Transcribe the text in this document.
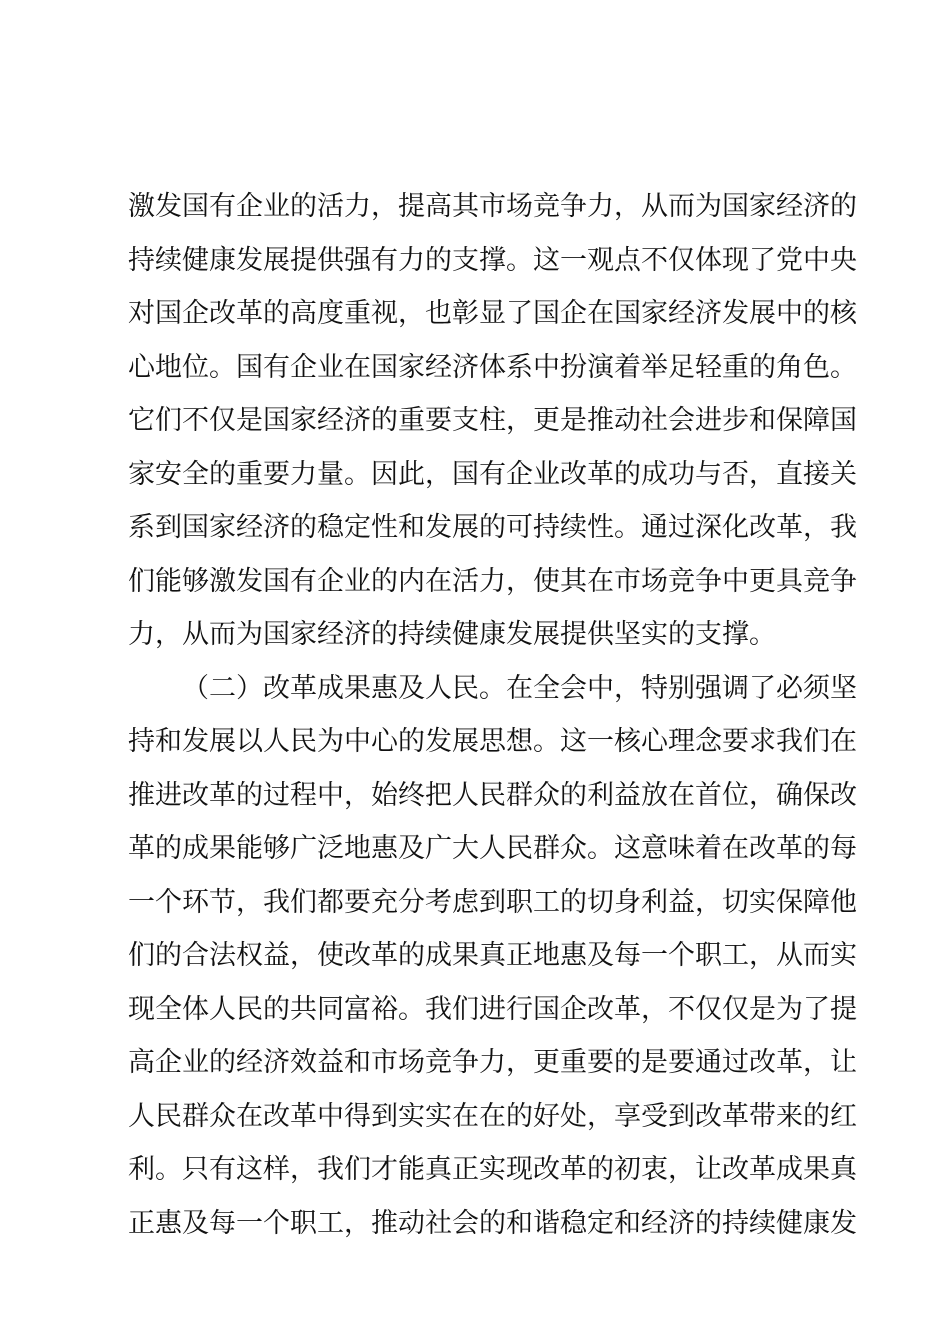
激发国有企业的活力，提高其市场竞争力，从而为国家经济的
持续健康发展提供强有力的支撑。这一观点不仅体现了党中央
对国企改革的高度重视，也彰显了国企在国家经济发展中的核
心地位。国有企业在国家经济体系中扮演着举足轻重的角色。
它们不仅是国家经济的重要支柱，更是推动社会进步和保障国
家安全的重要力量。因此，国有企业改革的成功与否，直接关
系到国家经济的稳定性和发展的可持续性。通过深化改革，我
们能够激发国有企业的内在活力，使其在市场竞争中更具竞争
力，从而为国家经济的持续健康发展提供坚实的支撑。
（二）改革成果惠及人民。在全会中，特别强调了必须坚
持和发展以人民为中心的发展思想。这一核心理念要求我们在
推进改革的过程中，始终把人民群众的利益放在首位，确保改
革的成果能够广泛地惠及广大人民群众。这意味着在改革的每
一个环节，我们都要充分考虑到职工的切身利益，切实保障他
们的合法权益，使改革的成果真正地惠及每一个职工，从而实
现全体人民的共同富裕。我们进行国企改革，不仅仅是为了提
高企业的经济效益和市场竞争力，更重要的是要通过改革，让
人民群众在改革中得到实实在在的好处，享受到改革带来的红
利。只有这样，我们才能真正实现改革的初衷，让改革成果真
正惠及每一个职工，推动社会的和谐稳定和经济的持续健康发
